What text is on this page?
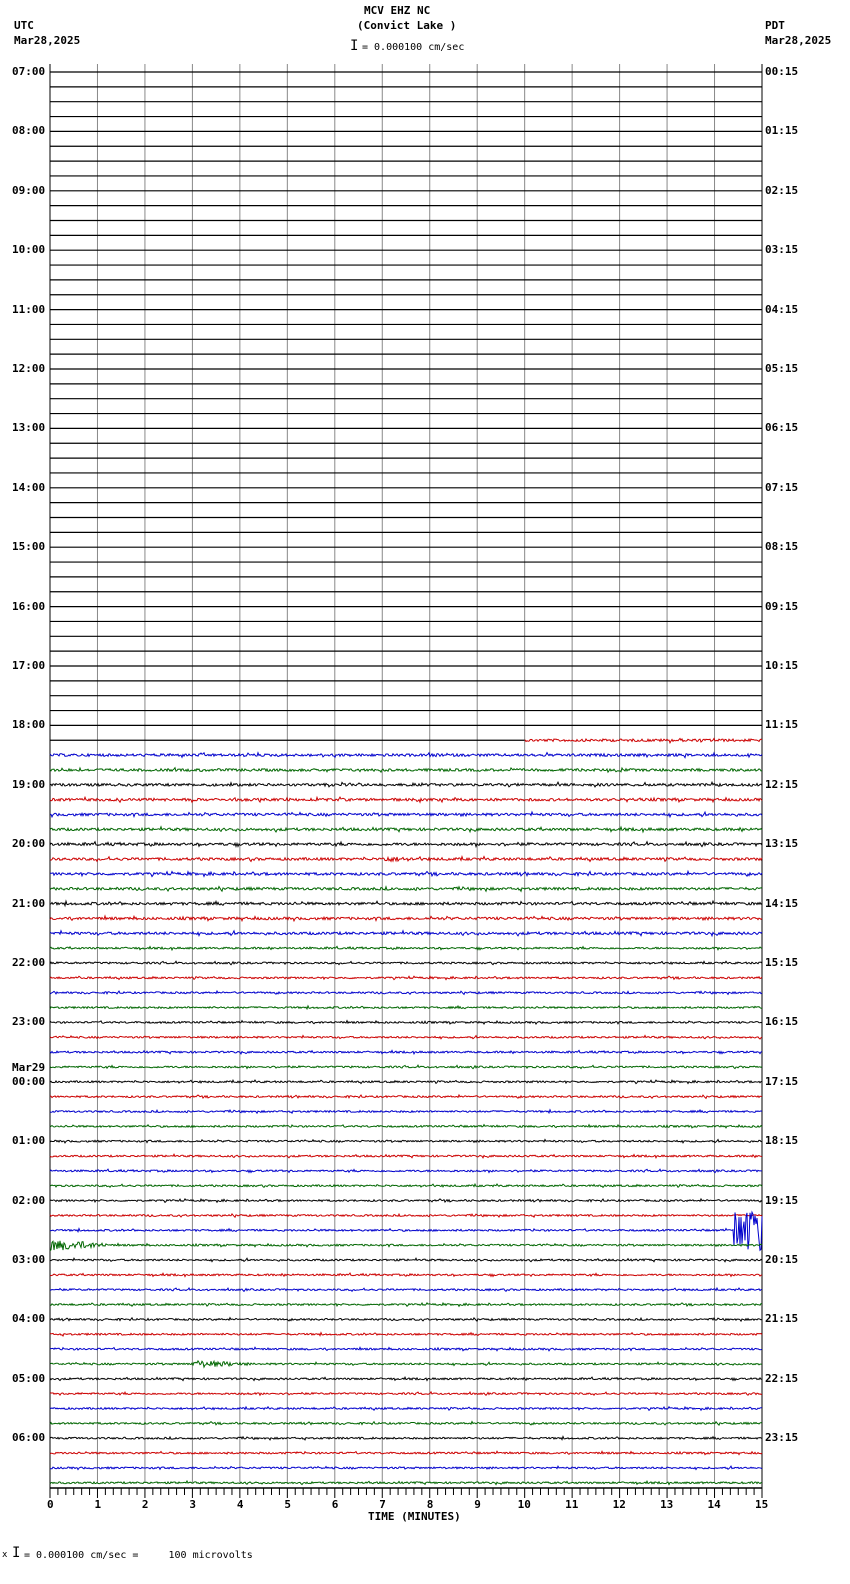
MCV EHZ NC
(Convict Lake )
UTC
Mar28,2025
PDT
Mar28,2025
I = 0.000100 cm/sec
TIME (MINUTES)
x I = 0.000100 cm/sec =     100 microvolts
07:00	00:15
08:00	01:15
09:00	02:15
10:00	03:15
11:00	04:15
12:00	05:15
13:00	06:15
14:00	07:15
15:00	08:15
16:00	09:15
17:00	10:15
18:00	11:15
19:00	12:15
20:00	13:15
21:00	14:15
22:00	15:15
23:00	16:15
Mar29
00:00	17:15
01:00	18:15
02:00	19:15
03:00	20:15
04:00	21:15
05:00	22:15
06:00	23:15
0	1	2	3	4	5	6	7	8	9	10	11	12	13	14	15
